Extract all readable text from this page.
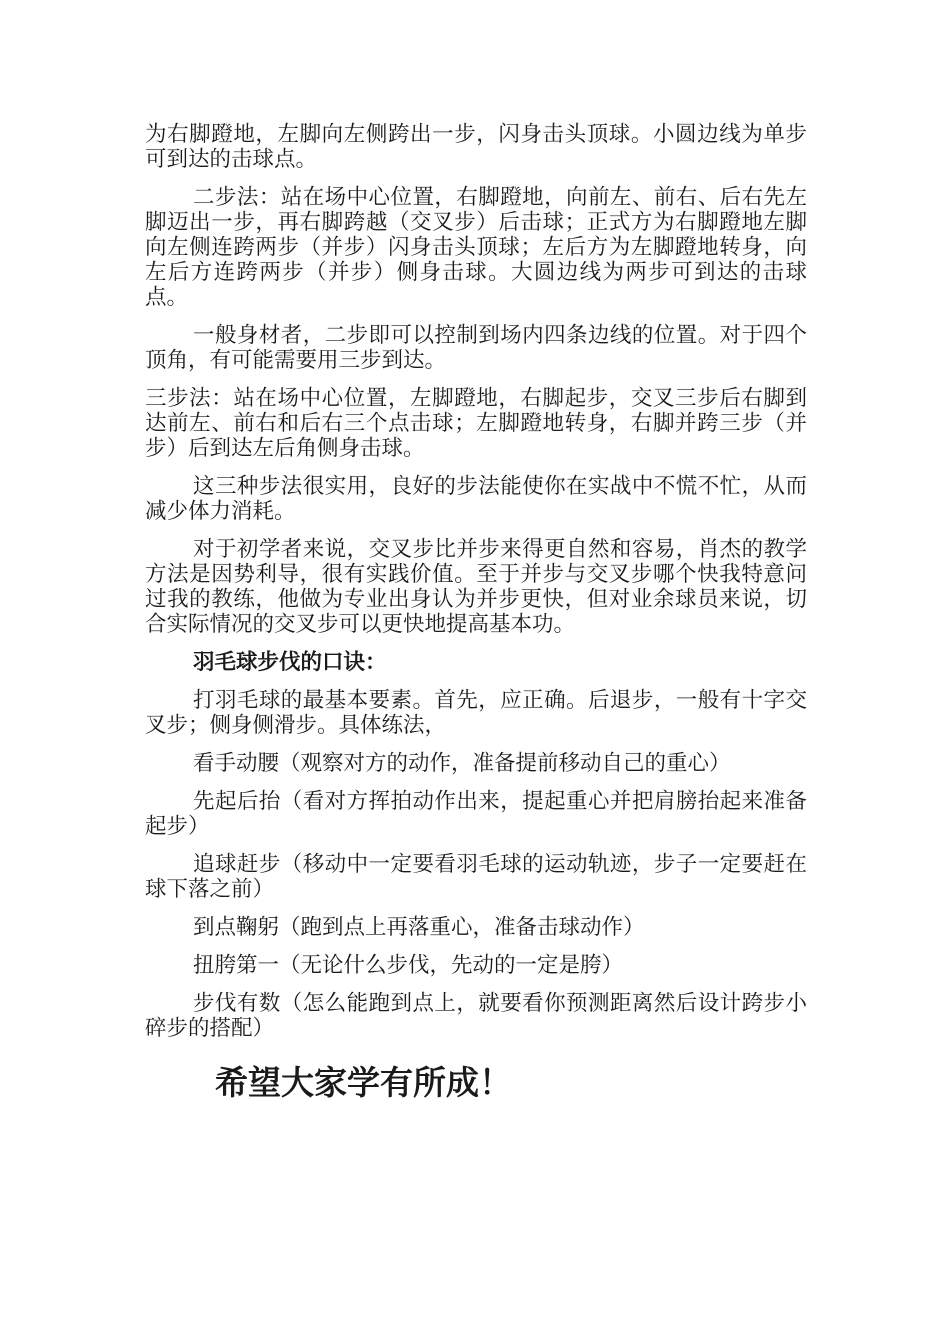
为右脚蹬地，左脚向左侧跨出一步，闪身击头顶球。小圆边线为单步可到达的击球点。

二步法：站在场中心位置，右脚蹬地，向前左、前右、后右先左脚迈出一步，再右脚跨越（交叉步）后击球；正式方为右脚蹬地左脚向左侧连跨两步（并步）闪身击头顶球；左后方为左脚蹬地转身，向左后方连跨两步（并步）侧身击球。大圆边线为两步可到达的击球点。

一般身材者，二步即可以控制到场内四条边线的位置。对于四个顶角，有可能需要用三步到达。

三步法：站在场中心位置，左脚蹬地，右脚起步，交叉三步后右脚到达前左、前右和后右三个点击球；左脚蹬地转身，右脚并跨三步（并步）后到达左后角侧身击球。

这三种步法很实用，良好的步法能使你在实战中不慌不忙，从而减少体力消耗。

对于初学者来说，交叉步比并步来得更自然和容易，肖杰的教学方法是因势利导，很有实践价值。至于并步与交叉步哪个快我特意问过我的教练，他做为专业出身认为并步更快，但对业余球员来说，切合实际情况的交叉步可以更快地提高基本功。

羽毛球步伐的口诀：

打羽毛球的最基本要素。首先，应正确。后退步，一般有十字交叉步；侧身侧滑步。具体练法，

看手动腰（观察对方的动作，准备提前移动自己的重心）

先起后抬（看对方挥拍动作出来，提起重心并把肩膀抬起来准备起步）

追球赶步（移动中一定要看羽毛球的运动轨迹，步子一定要赶在球下落之前）

到点鞠躬（跑到点上再落重心，准备击球动作）

扭胯第一（无论什么步伐，先动的一定是胯）

步伐有数（怎么能跑到点上，就要看你预测距离然后设计跨步小碎步的搭配）

希望大家学有所成！
